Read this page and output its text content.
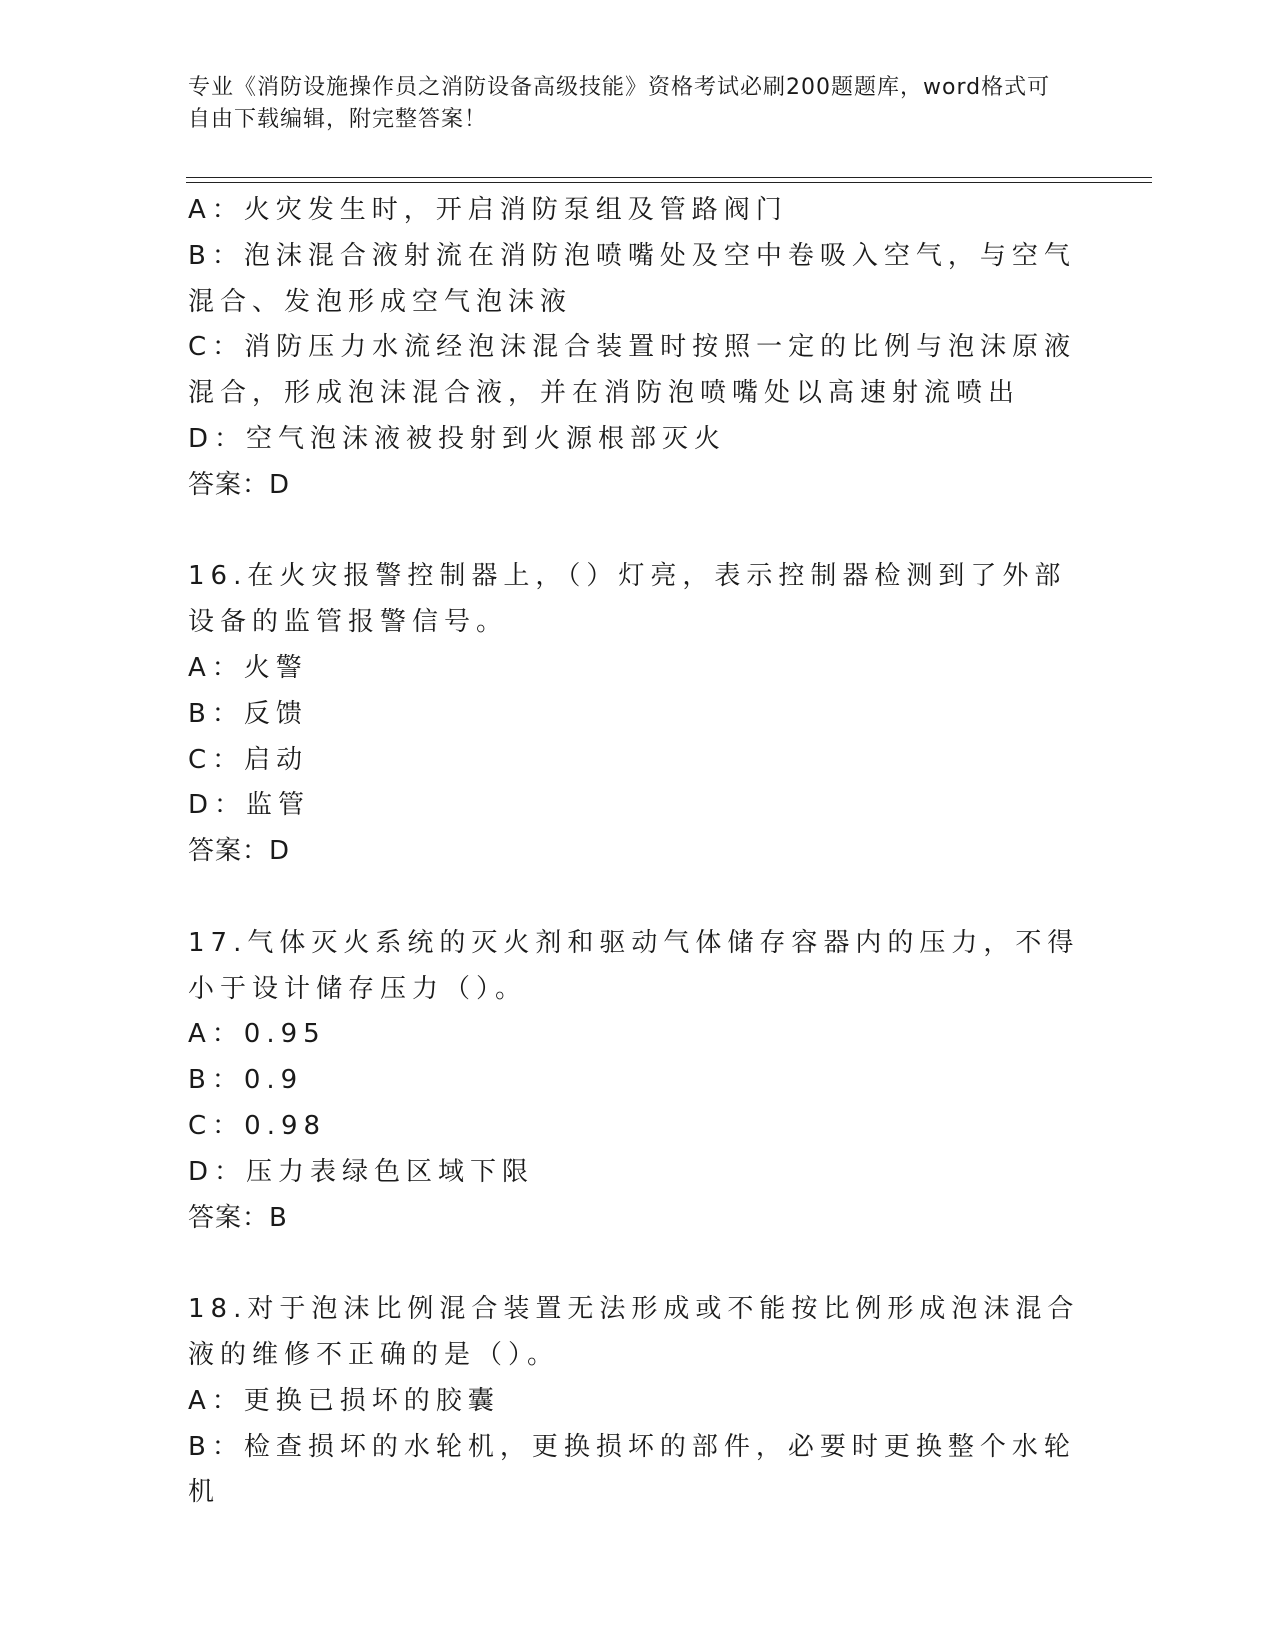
专业《消防设施操作员之消防设备高级技能》资格考试必刷200题题库，word格式可自由下载编辑，附完整答案！

A：火灾发生时，开启消防泵组及管路阀门

B：泡沫混合液射流在消防泡喷嘴处及空中卷吸入空气，与空气混合、发泡形成空气泡沫液

C：消防压力水流经泡沫混合装置时按照一定的比例与泡沫原液混合，形成泡沫混合液，并在消防泡喷嘴处以高速射流喷出

D：空气泡沫液被投射到火源根部灭火

答案：D

16.在火灾报警控制器上，（）灯亮，表示控制器检测到了外部设备的监管报警信号。

A：火警

B：反馈

C：启动

D：监管

答案：D

17.气体灭火系统的灭火剂和驱动气体储存容器内的压力，不得小于设计储存压力（）。

A：0.95

B：0.9

C：0.98

D：压力表绿色区域下限

答案：B

18.对于泡沫比例混合装置无法形成或不能按比例形成泡沫混合液的维修不正确的是（）。

A：更换已损坏的胶囊

B：检查损坏的水轮机，更换损坏的部件，必要时更换整个水轮机
